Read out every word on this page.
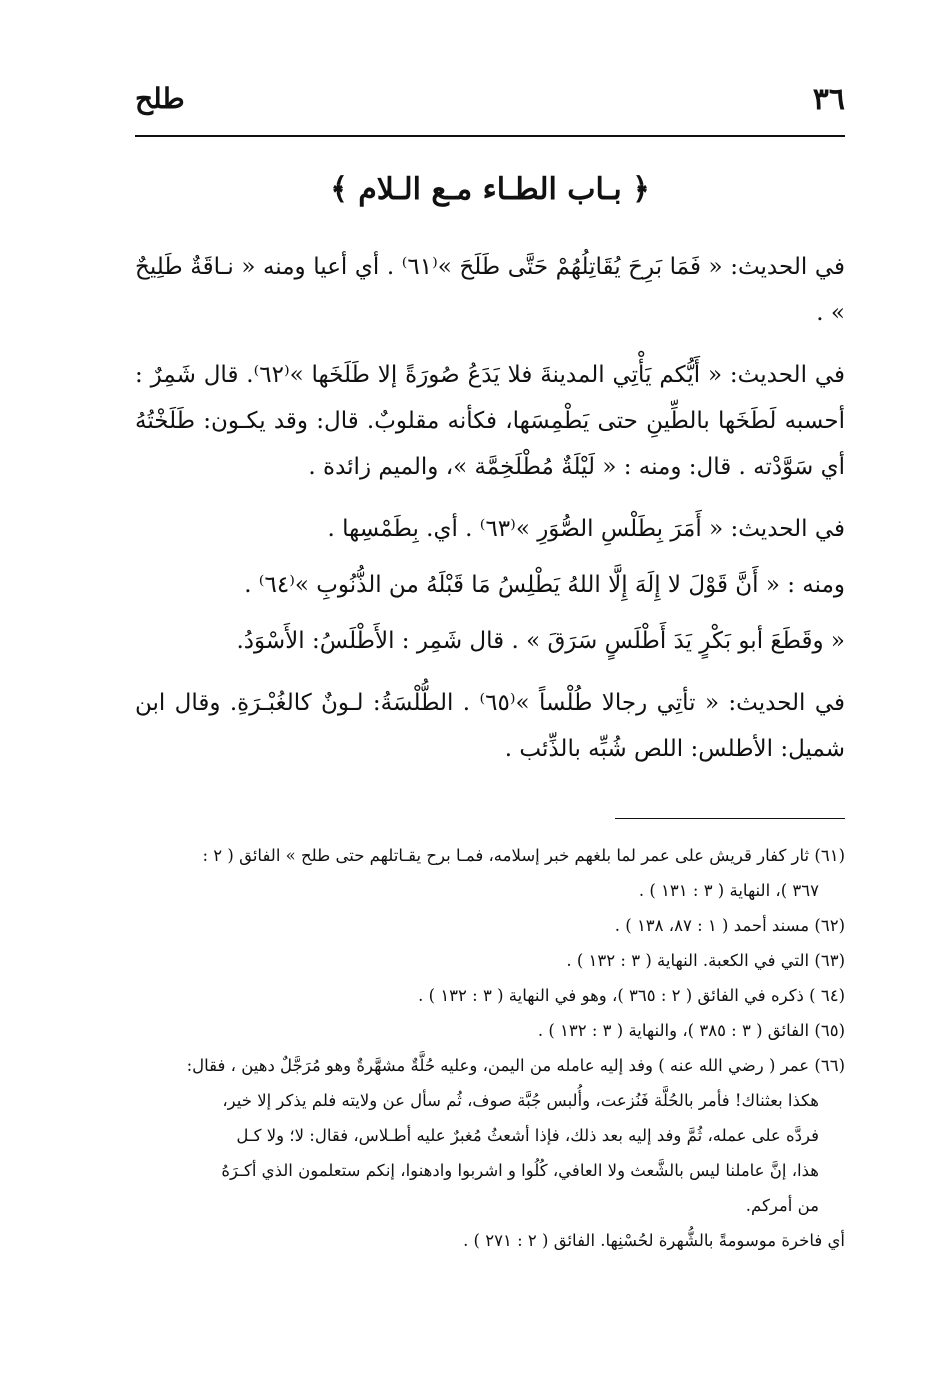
٣٦
طلح
﴿ بـاب الطـاء مـع الـلام ﴾

في الحديث: « فَمَا بَرِحَ يُقَاتِلُهُمْ حَتَّى طَلَحَ »⁽٦١⁾ . أي أعيا ومنه « نـاقَةٌ طَلِيحٌ » .

في الحديث: « أَيُّكم يَأْتِي المدينةَ فلا يَدَعُ صُورَةً إلا طَلَخَها »⁽٦٢⁾. قال شَمِرٌ : أحسبه لَطَخَها بالطِّينِ حتى يَطْمِسَها، فكأنه مقلوبٌ. قال: وقد يكـون: طَلَخْتُهُ أي سَوَّدْته . قال: ومنه : « لَيْلَةٌ مُطْلَخِمَّة »، والميم زائدة .

في الحديث: « أَمَرَ بِطَلْسِ الصُّوَرِ »⁽٦٣⁾ . أي. بِطَمْسِها .

ومنه : « أَنَّ قَوْلَ لا إِلَهَ إِلَّا اللهُ يَطْلِسُ مَا قَبْلَهُ من الذُّنُوبِ »⁽٦٤⁾ .

« وقَطَعَ أبو بَكْرٍ يَدَ أَطْلَسٍ سَرَقَ » . قال شَمِر : الأَطْلَسُ: الأَسْوَدُ.

في الحديث: « تأتِي رجالا طُلْساً »⁽٦٥⁾ . الطُّلْسَةُ: لـونٌ كالغُبْـرَةِ. وقال ابن شميل: الأطلس: اللص شُبِّه بالذِّئب .

(٦١) ثار كفار قريش على عمر لما بلغهم خبر إسلامه، فمـا برح يقـاتلهم حتى طلح » الفائق ( ٢ :

٣٦٧ )، النهاية ( ٣ : ١٣١ ) .

(٦٢) مسند أحمد ( ١ : ٨٧، ١٣٨ ) .

(٦٣) التي في الكعبة. النهاية ( ٣ : ١٣٢ ) .

(٦٤ ) ذكره في الفائق ( ٢ : ٣٦٥ )، وهو في النهاية ( ٣ : ١٣٢ ) .

(٦٥) الفائق ( ٣ : ٣٨٥ )، والنهاية ( ٣ : ١٣٢ ) .

(٦٦) عمر ( رضي الله عنه ) وفد إليه عامله من اليمن، وعليه حُلَّةٌ مشهَّرةٌ وهو مُرَجَّلٌ دهين ، فقال:

هكذا بعثناك! فأمر بالحُلَّة فَنُزعت، وأُلبس جُبَّة صوف، ثُم سأل عن ولايته فلم يذكر إلا خير،

فردَّه على عمله، ثُمَّ وفد إليه بعد ذلك، فإذا أشعثُ مُغبرٌ عليه أطـلاس، فقال: لا؛ ولا كـل

هذا، إنَّ عاملنا ليس بالشَّعث ولا العافي، كُلُوا و اشربوا وادهنوا، إنكم ستعلمون الذي أكـرَهُ

من أمركم.

أي فاخرة موسومةً بالشُّهرة لحُسْنِها. الفائق ( ٢ : ٢٧١ ) .
